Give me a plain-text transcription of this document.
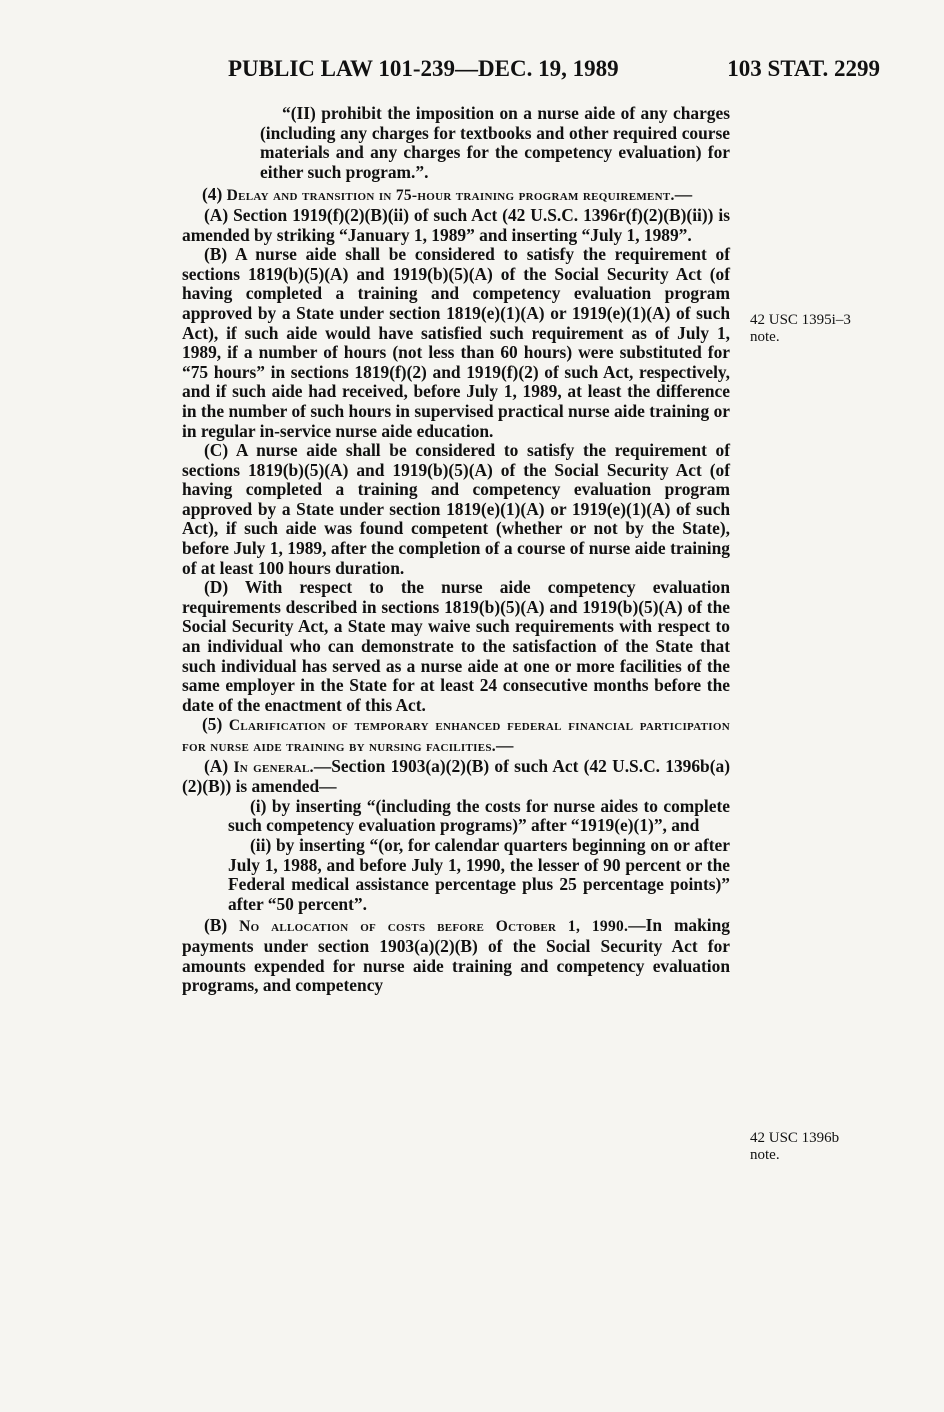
PUBLIC LAW 101-239—DEC. 19, 1989	103 STAT. 2299

“(II) prohibit the imposition on a nurse aide of any charges (including any charges for textbooks and other required course materials and any charges for the competency evaluation) for either such program.”.

(4) Delay and transition in 75-hour training program requirement.—

(A) Section 1919(f)(2)(B)(ii) of such Act (42 U.S.C. 1396r(f)(2)(B)(ii)) is amended by striking “January 1, 1989” and inserting “July 1, 1989”.

(B) A nurse aide shall be considered to satisfy the requirement of sections 1819(b)(5)(A) and 1919(b)(5)(A) of the Social Security Act (of having completed a training and competency evaluation program approved by a State under section 1819(e)(1)(A) or 1919(e)(1)(A) of such Act), if such aide would have satisfied such requirement as of July 1, 1989, if a number of hours (not less than 60 hours) were substituted for “75 hours” in sections 1819(f)(2) and 1919(f)(2) of such Act, respectively, and if such aide had received, before July 1, 1989, at least the difference in the number of such hours in supervised practical nurse aide training or in regular in-service nurse aide education.

(C) A nurse aide shall be considered to satisfy the requirement of sections 1819(b)(5)(A) and 1919(b)(5)(A) of the Social Security Act (of having completed a training and competency evaluation program approved by a State under section 1819(e)(1)(A) or 1919(e)(1)(A) of such Act), if such aide was found competent (whether or not by the State), before July 1, 1989, after the completion of a course of nurse aide training of at least 100 hours duration.

(D) With respect to the nurse aide competency evaluation requirements described in sections 1819(b)(5)(A) and 1919(b)(5)(A) of the Social Security Act, a State may waive such requirements with respect to an individual who can demonstrate to the satisfaction of the State that such individual has served as a nurse aide at one or more facilities of the same employer in the State for at least 24 consecutive months before the date of the enactment of this Act.

(5) Clarification of temporary enhanced federal financial participation for nurse aide training by nursing facilities.—

(A) In general.—Section 1903(a)(2)(B) of such Act (42 U.S.C. 1396b(a)(2)(B)) is amended—

(i) by inserting “(including the costs for nurse aides to complete such competency evaluation programs)” after “1919(e)(1)”, and

(ii) by inserting “(or, for calendar quarters beginning on or after July 1, 1988, and before July 1, 1990, the lesser of 90 percent or the Federal medical assistance percentage plus 25 percentage points)” after “50 percent”.

(B) No allocation of costs before October 1, 1990.—In making payments under section 1903(a)(2)(B) of the Social Security Act for amounts expended for nurse aide training and competency evaluation programs, and competency

42 USC 1395i–3
note.
42 USC 1396b
note.
